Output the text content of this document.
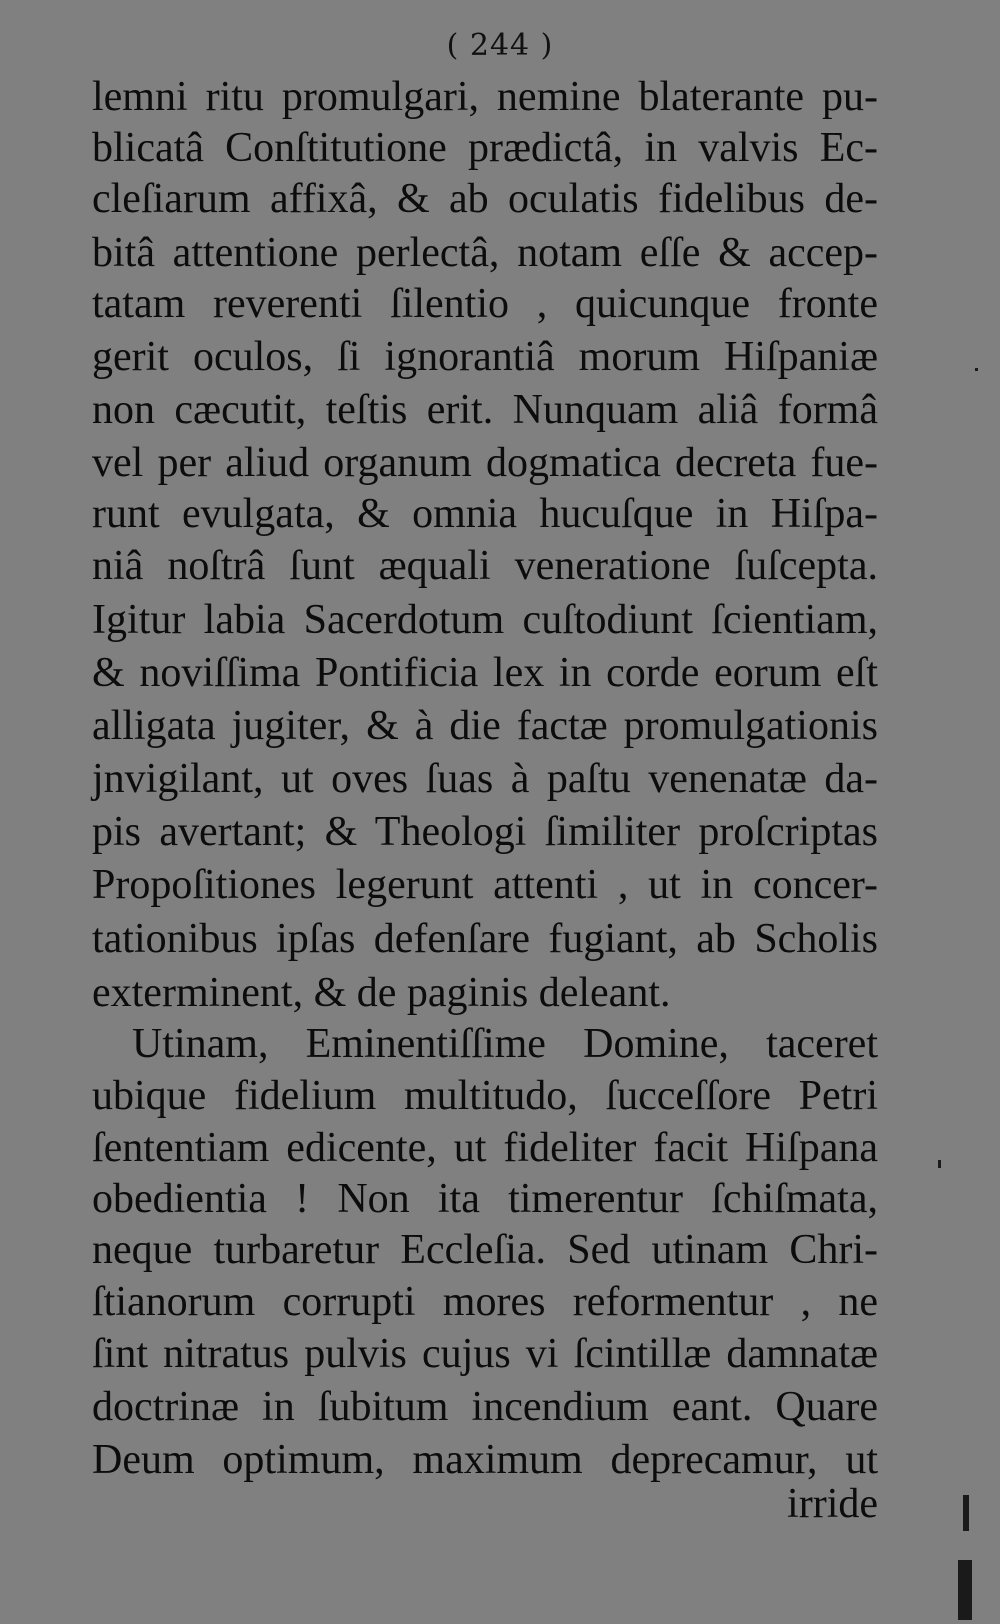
( 244 )
lemni ritu promulgari, nemine blaterante pu-
blicatâ Conſtitutione prædictâ, in valvis Ec-
cleſiarum affixâ, & ab oculatis fidelibus de-
bitâ attentione perlectâ, notam eſſe & accep-
tatam reverenti ſilentio , quicunque fronte
gerit oculos, ſi ignorantiâ morum Hiſpaniæ
non cæcutit, teſtis erit. Nunquam aliâ formâ
vel per aliud organum dogmatica decreta fue-
runt evulgata, & omnia hucuſque in Hiſpa-
niâ noſtrâ ſunt æquali veneratione ſuſcepta.
Igitur labia Sacerdotum cuſtodiunt ſcientiam,
& noviſſima Pontificia lex in corde eorum eſt
alligata jugiter, & à die factæ promulgationis
jnvigilant, ut oves ſuas à paſtu venenatæ da-
pis avertant; & Theologi ſimiliter proſcriptas
Propoſitiones legerunt attenti , ut in concer-
tationibus ipſas defenſare fugiant, ab Scholis
exterminent, & de paginis deleant.
Utinam, Eminentiſſime Domine, taceret
ubique fidelium multitudo, ſucceſſore Petri
ſententiam edicente, ut fideliter facit Hiſpana
obedientia ! Non ita timerentur ſchiſmata,
neque turbaretur Eccleſia. Sed utinam Chri-
ſtianorum corrupti mores reformentur , ne
ſint nitratus pulvis cujus vi ſcintillæ damnatæ
doctrinæ in ſubitum incendium eant. Quare
Deum optimum, maximum deprecamur, ut
irride
